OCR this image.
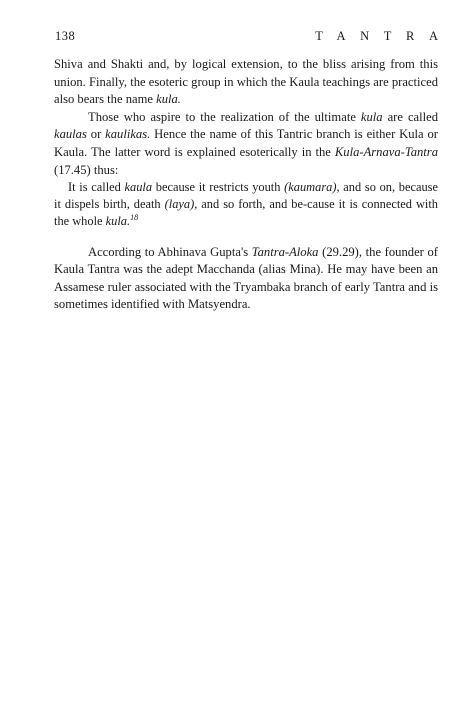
138	TANTRA

Shiva and Shakti and, by logical extension, to the bliss arising from this union. Finally, the esoteric group in which the Kaula teachings are practiced also bears the name kula.

Those who aspire to the realization of the ultimate kula are called kaulas or kaulikas. Hence the name of this Tantric branch is either Kula or Kaula. The latter word is explained esoterically in the Kula-Arnava-Tantra (17.45) thus:

It is called kaula because it restricts youth (kaumara), and so on, because it dispels birth, death (laya), and so forth, and be-cause it is connected with the whole kula.$^{18}$

According to Abhinava Gupta's Tantra-Aloka (29.29), the founder of Kaula Tantra was the adept Macchanda (alias Mina). He may have been an Assamese ruler associated with the Tryambaka branch of early Tantra and is sometimes identified with Matsyendra.
